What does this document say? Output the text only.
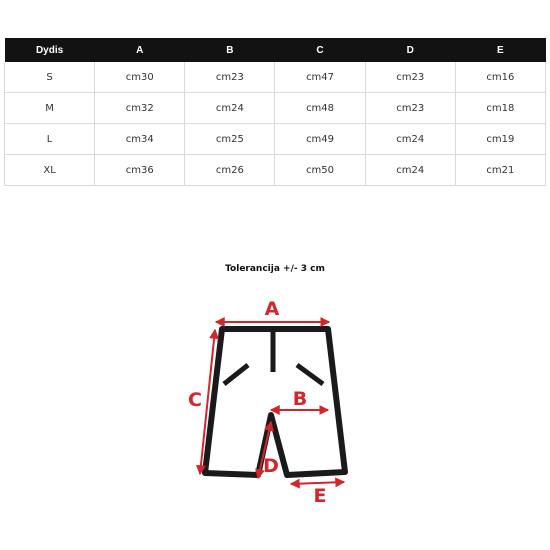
Dydis	A	B	C	D	E
S	cm30	cm23	cm47	cm23	cm16
M	cm32	cm24	cm48	cm23	cm18
L	cm34	cm25	cm49	cm24	cm19
XL	cm36	cm26	cm50	cm24	cm21
Tolerancija +/- 3 cm
A
B
C
D
E
